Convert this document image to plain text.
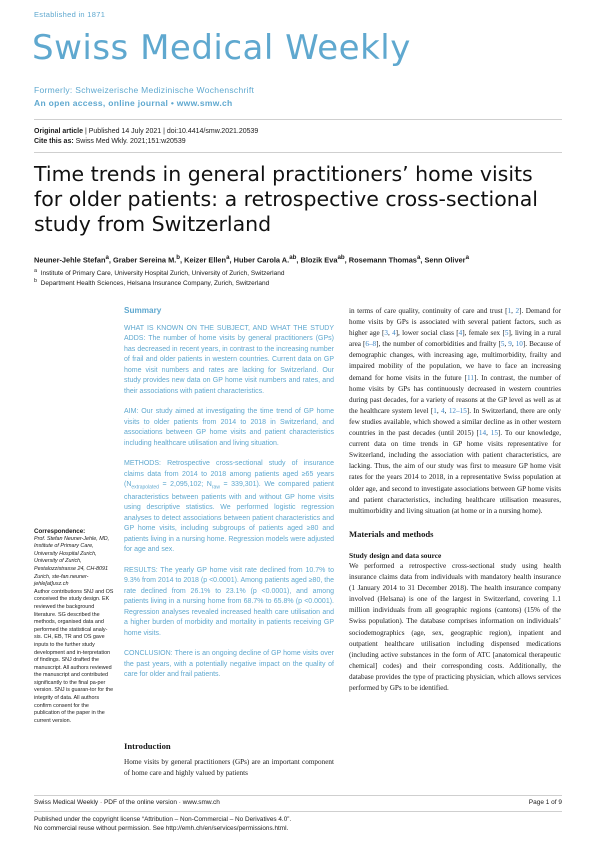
Established in 1871
Swiss Medical Weekly
Formerly: Schweizerische Medizinische Wochenschrift
An open access, online journal • www.smw.ch
Original article | Published 14 July 2021 | doi:10.4414/smw.2021.20539
Cite this as: Swiss Med Wkly. 2021;151:w20539
Time trends in general practitioners’ home visits for older patients: a retrospective cross-sectional study from Switzerland
Neuner-Jehle Stefan$^a$, Graber Sereina M.$^b$, Keizer Ellen$^a$, Huber Carola A.$^{ab}$, Blozik Eva$^{ab}$, Rosemann Thomas$^a$, Senn Oliver$^a$
$^a$ Institute of Primary Care, University Hospital Zurich, University of Zurich, Switzerland
$^b$ Department Health Sciences, Helsana Insurance Company, Zurich, Switzerland
Correspondence:
Prof. Stefan Neuner-Jehle, MD, Institute of Primary Care, University Hospital Zurich, University of Zurich, Pestalozzistrasse 24, CH-8091 Zurich, ste-fan.neuner-jehle[at]usz.ch
Author contributions SNJ and OS conceived the study design. EK reviewed the background literature. SG described the methods, organised data and performed the statistical analy-sis. CH, EB, TR and OS gave inputs to the further study development and in-terpretation of findings. SNJ drafted the manuscript. All authors reviewed the manuscript and contributed significantly to the final pa-per version. SNJ is guaran-tor for the integrity of data. All authors confirm consent for the publication of the paper in the current version.
Summary

WHAT IS KNOWN ON THE SUBJECT, AND WHAT THE STUDY ADDS: The number of home visits by general practitioners (GPs) has decreased in recent years, in contrast to the increasing number of frail and older patients in western countries. Current data on GP home visit numbers and rates are lacking for Switzerland. Our study provides new data on GP home visit numbers and rates, and their associations with patient characteristics.

AIM: Our study aimed at investigating the time trend of GP home visits to older patients from 2014 to 2018 in Switzerland, and associations between GP home visits and patient characteristics including healthcare utilisation and living situation.

METHODS: Retrospective cross-sectional study of insurance claims data from 2014 to 2018 among patients aged ≥65 years ($N_{extrapolated} = 2,095,102$; $N_{raw} = 339,301$). We compared patient characteristics between patients with and without GP home visits using descriptive statistics. We performed logistic regression analyses to detect associations between patient characteristics and GP home visits, including subgroups of patients aged ≥80 and patients living in a nursing home. Regression models were adjusted for age and sex.

RESULTS: The yearly GP home visit rate declined from 10.7% to 9.3% from 2014 to 2018 (p <0.0001). Among patients aged ≥80, the rate declined from 26.1% to 23.1% (p <0.0001), and among patients living in a nursing home from 68.7% to 65.8% (p <0.0001). Regression analyses revealed increased health care utilisation and a higher burden of morbidity and mortality in patients receiving GP home visits.

CONCLUSION: There is an ongoing decline of GP home visits over the past years, with a potentially negative impact on the quality of care for older and frail patients.

Introduction
Home visits by general practitioners (GPs) are an important component of home care and highly valued by patients

in terms of care quality, continuity of care and trust [1, 2]. Demand for home visits by GPs is associated with several patient factors, such as higher age [3, 4], lower social class [4], female sex [5], living in a rural area [6–8], the number of comorbidities and frailty [5, 9, 10]. Because of demographic changes, with increasing age, multimorbidity, frailty and impaired mobility of the population, we have to face an increasing demand for home visits in the future [11]. In contrast, the number of home visits by GPs has continuously decreased in western countries during past decades, for a variety of reasons at the GP level as well as at the healthcare system level [1, 4, 12–15]. In Switzerland, there are only few studies available, which showed a similar decline as in other western countries in the past decades (until 2015) [14, 15]. To our knowledge, current data on time trends in GP home visits representative for Switzerland, including the association with patient characteristics, are lacking. Thus, the aim of our study was first to measure GP home visit rates for the years 2014 to 2018, in a representative Swiss population at older age, and second to investigate associations between GP home visits and patient characteristics, including healthcare utilisation measures, multimorbidity and living situation (at home or in a nursing home).

Materials and methods
Study design and data source

We performed a retrospective cross-sectional study using health insurance claims data from individuals with mandatory health insurance (1 January 2014 to 31 December 2018). The health insurance company involved (Helsana) is one of the largest in Switzerland, covering 1.1 million individuals from all geographic regions (cantons) (15% of the Swiss population). The database comprises information on individuals’ sociodemographics (age, sex, geographic region), inpatient and outpatient healthcare utilisation including dispensed medications (including active substances in the form of ATC [anatomical therapeutic chemical] codes) and their corresponding costs. Additionally, the database provides the type of practicing physician, which allows services performed by GPs to be identified.

Swiss Medical Weekly · PDF of the online version · www.smw.ch	Page 1 of 9
Published under the copyright license “Attribution – Non-Commercial – No Derivatives 4.0”.
No commercial reuse without permission. See http://emh.ch/en/services/permissions.html.
